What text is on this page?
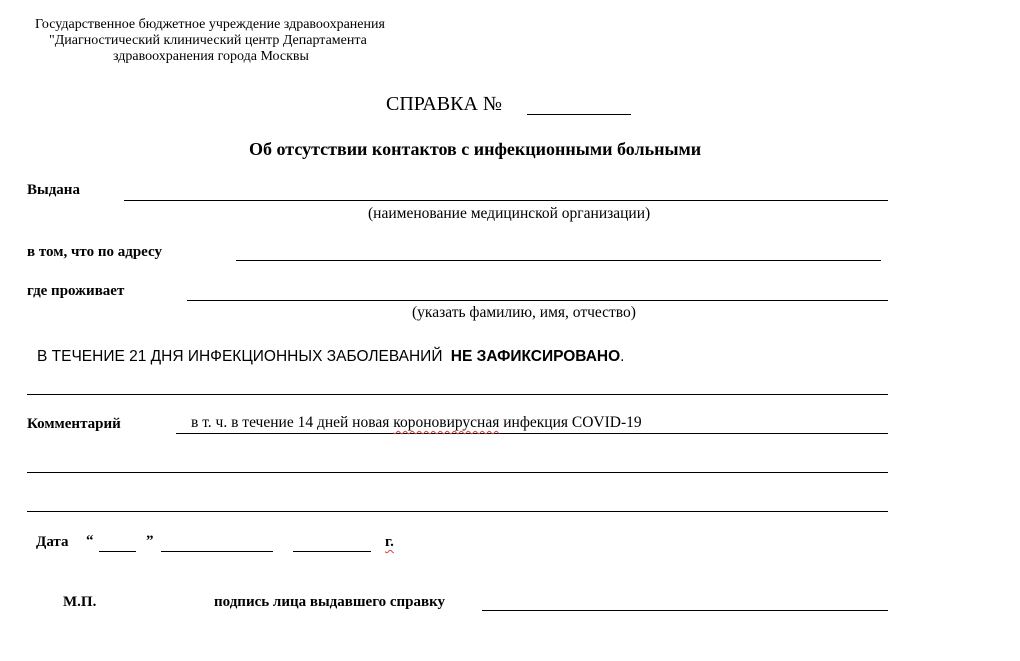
Государственное бюджетное учреждение здравоохранения
"Диагностический клинический центр Департамента
здравоохранения города Москвы
СПРАВКА №
Об отсутствии контактов с инфекционными больными
Выдана
(наименование медицинской организации)
в том, что по адресу
где проживает
(указать фамилию, имя, отчество)
В ТЕЧЕНИЕ 21 ДНЯ ИНФЕКЦИОННЫХ ЗАБОЛЕВАНИЙ НЕ ЗАФИКСИРОВАНО.
Комментарий	в т. ч. в течение 14 дней новая короновирусная инфекция COVID-19
Дата “	”	г.
М.П.	подпись лица выдавшего справку
